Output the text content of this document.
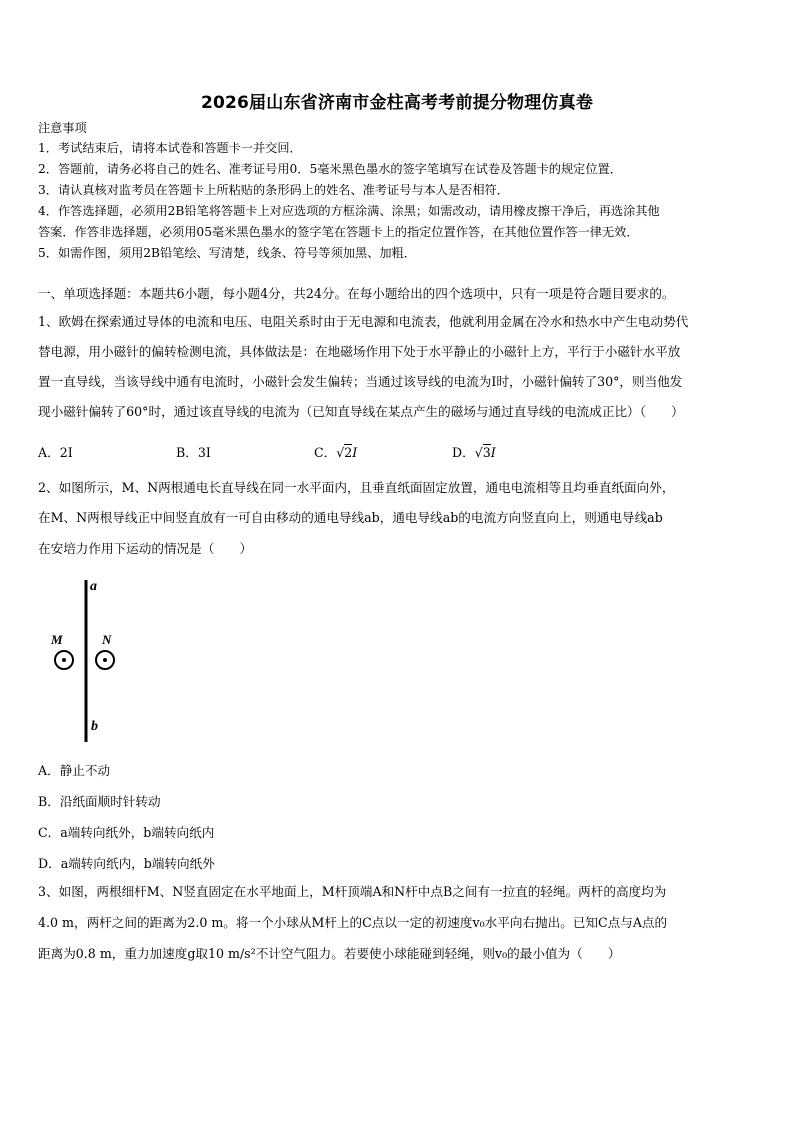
2026届山东省济南市金柱高考考前提分物理仿真卷
注意事项
1．考试结束后，请将本试卷和答题卡一并交回．
2．答题前，请务必将自己的姓名、准考证号用0．5毫米黑色墨水的签字笔填写在试卷及答题卡的规定位置．
3．请认真核对监考员在答题卡上所粘贴的条形码上的姓名、准考证号与本人是否相符．
4．作答选择题，必须用2B铅笔将答题卡上对应选项的方框涂满、涂黑；如需改动，请用橡皮擦干净后，再选涂其他
答案．作答非选择题，必须用05毫米黑色墨水的签字笔在答题卡上的指定位置作答，在其他位置作答一律无效．
5．如需作图，须用2B铅笔绘、写清楚，线条、符号等须加黑、加粗．
一、单项选择题：本题共6小题，每小题4分，共24分。在每小题给出的四个选项中，只有一项是符合题目要求的。
1、欧姆在探索通过导体的电流和电压、电阻关系时由于无电源和电流表，他就利用金属在冷水和热水中产生电动势代
替电源，用小磁针的偏转检测电流，具体做法是：在地磁场作用下处于水平静止的小磁针上方，平行于小磁针水平放
置一直导线，当该导线中通有电流时，小磁针会发生偏转；当通过该导线的电流为I时，小磁针偏转了30°，则当他发
现小磁针偏转了60°时，通过该直导线的电流为（已知直导线在某点产生的磁场与通过直导线的电流成正比）（　　）
A．2I	B．3I	C．√2I	D．√3I
2、如图所示，M、N两根通电长直导线在同一水平面内，且垂直纸面固定放置，通电电流相等且均垂直纸面向外，
在M、N两根导线正中间竖直放有一可自由移动的通电导线ab，通电导线ab的电流方向竖直向上，则通电导线ab
在安培力作用下运动的情况是（　　）
a
b
M	N
A．静止不动
B．沿纸面顺时针转动
C．a端转向纸外，b端转向纸内
D．a端转向纸内，b端转向纸外
3、如图，两根细杆M、N竖直固定在水平地面上，M杆顶端A和N杆中点B之间有一拉直的轻绳。两杆的高度均为
4.0 m，两杆之间的距离为2.0 m。将一个小球从M杆上的C点以一定的初速度v₀水平向右抛出。已知C点与A点的
距离为0.8 m，重力加速度g取10 m/s²不计空气阻力。若要使小球能碰到轻绳，则v₀的最小值为（　　）
